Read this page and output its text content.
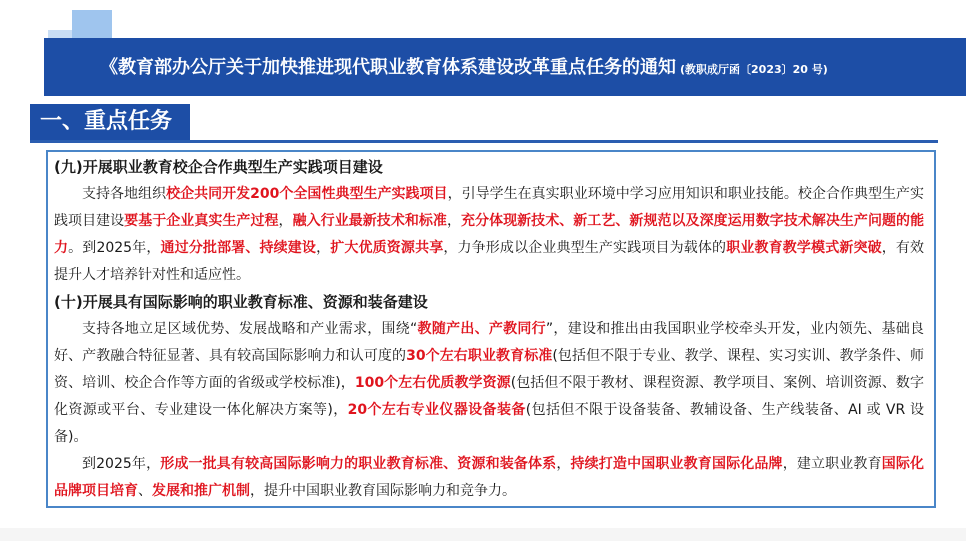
《教育部办公厅关于加快推进现代职业教育体系建设改革重点任务的通知 (教职成厅函〔2023〕20 号)
一、重点任务

(九)开展职业教育校企合作典型生产实践项目建设

支持各地组织校企共同开发200个全国性典型生产实践项目，引导学生在真实职业环境中学习应用知识和职业技能。校企合作典型生产实践项目建设要基于企业真实生产过程，融入行业最新技术和标准，充分体现新技术、新工艺、新规范以及深度运用数字技术解决生产问题的能力。到2025年，通过分批部署、持续建设，扩大优质资源共享，力争形成以企业典型生产实践项目为载体的职业教育教学模式新突破，有效提升人才培养针对性和适应性。

(十)开展具有国际影响的职业教育标准、资源和装备建设

支持各地立足区域优势、发展战略和产业需求，围绕“教随产出、产教同行”，建设和推出由我国职业学校牵头开发，业内领先、基础良好、产教融合特征显著、具有较高国际影响力和认可度的30个左右职业教育标准(包括但不限于专业、教学、课程、实习实训、教学条件、师资、培训、校企合作等方面的省级或学校标准)，100个左右优质教学资源(包括但不限于教材、课程资源、教学项目、案例、培训资源、数字化资源或平台、专业建设一体化解决方案等)，20个左右专业仪器设备装备(包括但不限于设备装备、教辅设备、生产线装备、AI 或 VR 设备)。

到2025年，形成一批具有较高国际影响力的职业教育标准、资源和装备体系，持续打造中国职业教育国际化品牌，建立职业教育国际化品牌项目培育、发展和推广机制，提升中国职业教育国际影响力和竞争力。
